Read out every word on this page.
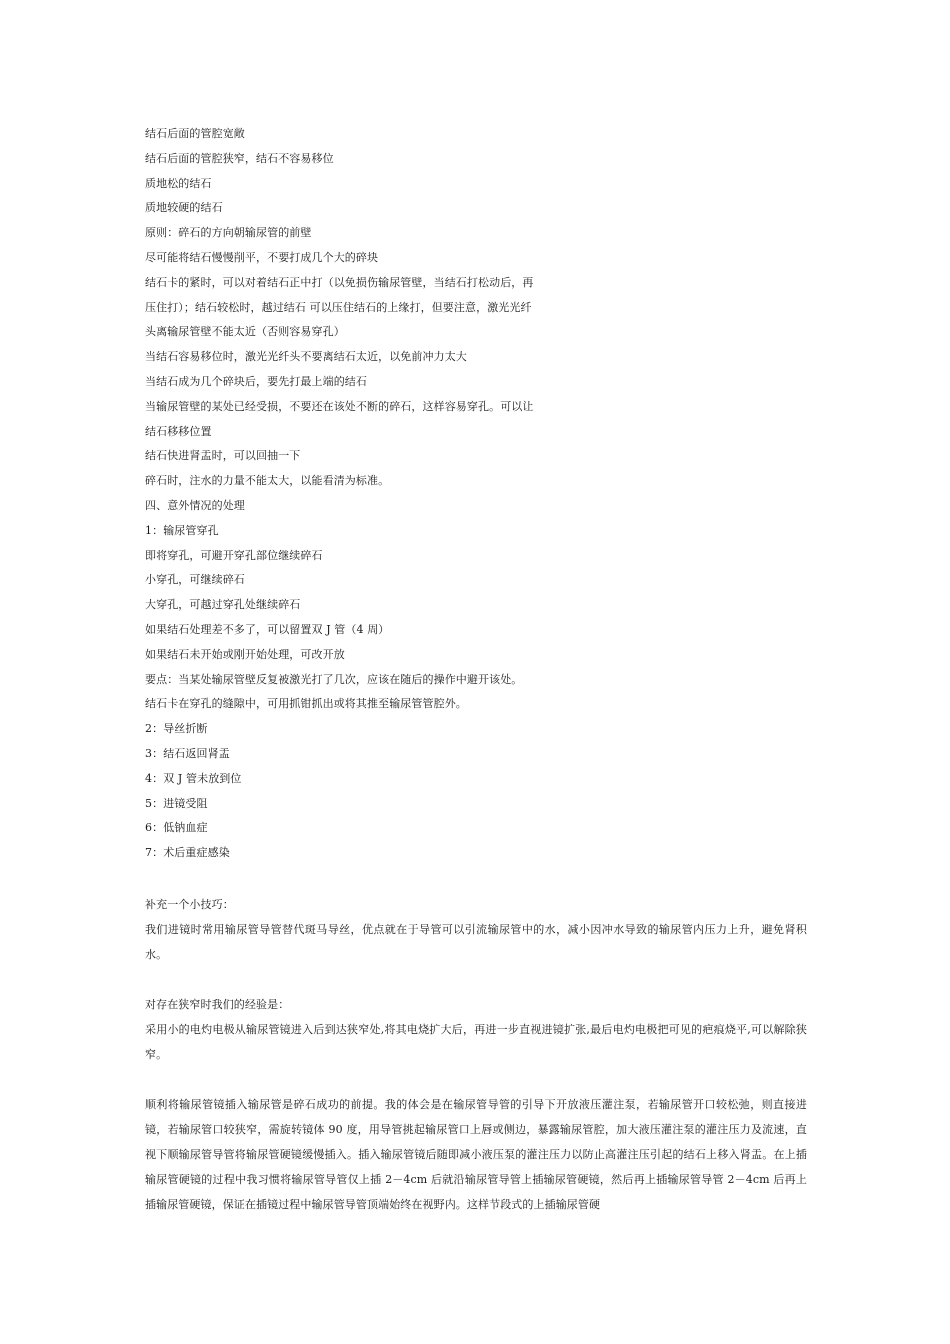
结石后面的管腔宽敞
结石后面的管腔狭窄，结石不容易移位
质地松的结石
质地较硬的结石
原则：碎石的方向朝输尿管的前壁
尽可能将结石慢慢削平，不要打成几个大的碎块
结石卡的紧时，可以对着结石正中打（以免损伤输尿管壁，当结石打松动后，再
压住打）；结石较松时，越过结石 可以压住结石的上缘打，但要注意，激光光纤
头离输尿管壁不能太近（否则容易穿孔）
当结石容易移位时，激光光纤头不要离结石太近，以免前冲力太大
当结石成为几个碎块后，要先打最上端的结石
当输尿管壁的某处已经受损，不要还在该处不断的碎石，这样容易穿孔。可以让
结石移移位置
结石快进肾盂时，可以回抽一下
碎石时，注水的力量不能太大，以能看清为标准。
四、意外情况的处理
1：输尿管穿孔
即将穿孔，可避开穿孔部位继续碎石
小穿孔，可继续碎石
大穿孔，可越过穿孔处继续碎石
如果结石处理差不多了，可以留置双 J 管（4 周）
如果结石未开始或刚开始处理，可改开放
要点：当某处输尿管壁反复被激光打了几次，应该在随后的操作中避开该处。
结石卡在穿孔的缝隙中，可用抓钳抓出或将其推至输尿管管腔外。
2：导丝折断
3：结石返回肾盂
4：双 J 管未放到位
5：进镜受阻
6：低钠血症
7：术后重症感染

补充一个小技巧：

我们进镜时常用输尿管导管替代斑马导丝，优点就在于导管可以引流输尿管中的水，减小因冲水导致的输尿管内压力上升，避免肾积水。

对存在狭窄时我们的经验是：

采用小的电灼电极从输尿管镜进入后到达狭窄处,将其电烧扩大后，再进一步直视进镜扩张,最后电灼电极把可见的疤痕烧平,可以解除狭窄。

顺利将输尿管镜插入输尿管是碎石成功的前提。我的体会是在输尿管导管的引导下开放液压灌注泵，若输尿管开口较松弛，则直接进镜，若输尿管口较狭窄，需旋转镜体 90 度，用导管挑起输尿管口上唇或侧边，暴露输尿管腔，加大液压灌注泵的灌注压力及流速，直视下顺输尿管导管将输尿管硬镜缓慢插入。插入输尿管镜后随即减小液压泵的灌注压力以防止高灌注压引起的结石上移入肾盂。在上插输尿管硬镜的过程中我习惯将输尿管导管仅上插 2－4cm 后就沿输尿管导管上插输尿管硬镜，然后再上插输尿管导管 2－4cm 后再上插输尿管硬镜，保证在插镜过程中输尿管导管顶端始终在视野内。这样节段式的上插输尿管硬
